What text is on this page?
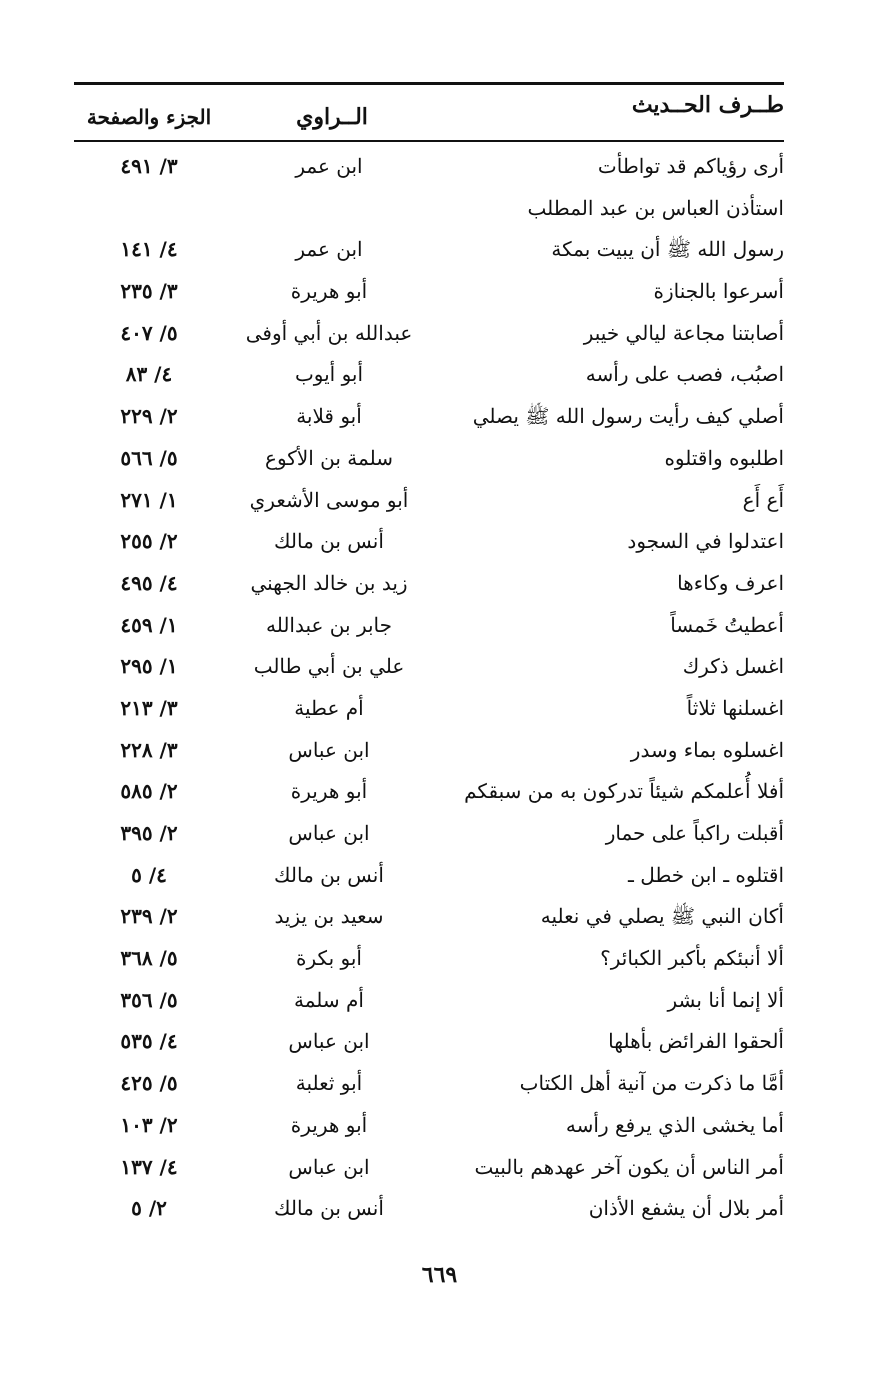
طــرف الحــديث
الــراوي
الجزء والصفحة
أرى رؤياكم قد تواطأت
ابن عمر
٣/ ٤٩١
استأذن العباس بن عبد المطلب
رسول الله ﷺ أن يبيت بمكة
ابن عمر
٤/ ١٤١
أسرعوا بالجنازة
أبو هريرة
٣/ ٢٣٥
أصابتنا مجاعة ليالي خيبر
عبدالله بن أبي أوفى
٥/ ٤٠٧
اصبُب، فصب على رأسه
أبو أيوب
٤/ ٨٣
أصلي كيف رأيت رسول الله ﷺ يصلي
أبو قلابة
٢/ ٢٢٩
اطلبوه واقتلوه
سلمة بن الأكوع
٥/ ٥٦٦
أَع أَع
أبو موسى الأشعري
١/ ٢٧١
اعتدلوا في السجود
أنس بن مالك
٢/ ٢٥٥
اعرف وكاءها
زيد بن خالد الجهني
٤/ ٤٩٥
أعطيتُ خَمساً
جابر بن عبدالله
١/ ٤٥٩
اغسل ذكرك
علي بن أبي طالب
١/ ٢٩٥
اغسلنها ثلاثاً
أم عطية
٣/ ٢١٣
اغسلوه بماء وسدر
ابن عباس
٣/ ٢٢٨
أفلا أُعلمكم شيئاً تدركون به من سبقكم
أبو هريرة
٢/ ٥٨٥
أقبلت راكباً على حمار
ابن عباس
٢/ ٣٩٥
اقتلوه ـ ابن خطل ـ
أنس بن مالك
٤/ ٥
أكان النبي ﷺ يصلي في نعليه
سعيد بن يزيد
٢/ ٢٣٩
ألا أنبئكم بأكبر الكبائر؟
أبو بكرة
٥/ ٣٦٨
ألا إنما أنا بشر
أم سلمة
٥/ ٣٥٦
ألحقوا الفرائض بأهلها
ابن عباس
٤/ ٥٣٥
أمَّا ما ذكرت من آنية أهل الكتاب
أبو ثعلبة
٥/ ٤٢٥
أما يخشى الذي يرفع رأسه
أبو هريرة
٢/ ١٠٣
أمر الناس أن يكون آخر عهدهم بالبيت
ابن عباس
٤/ ١٣٧
أمر بلال أن يشفع الأذان
أنس بن مالك
٢/ ٥
٦٦٩
